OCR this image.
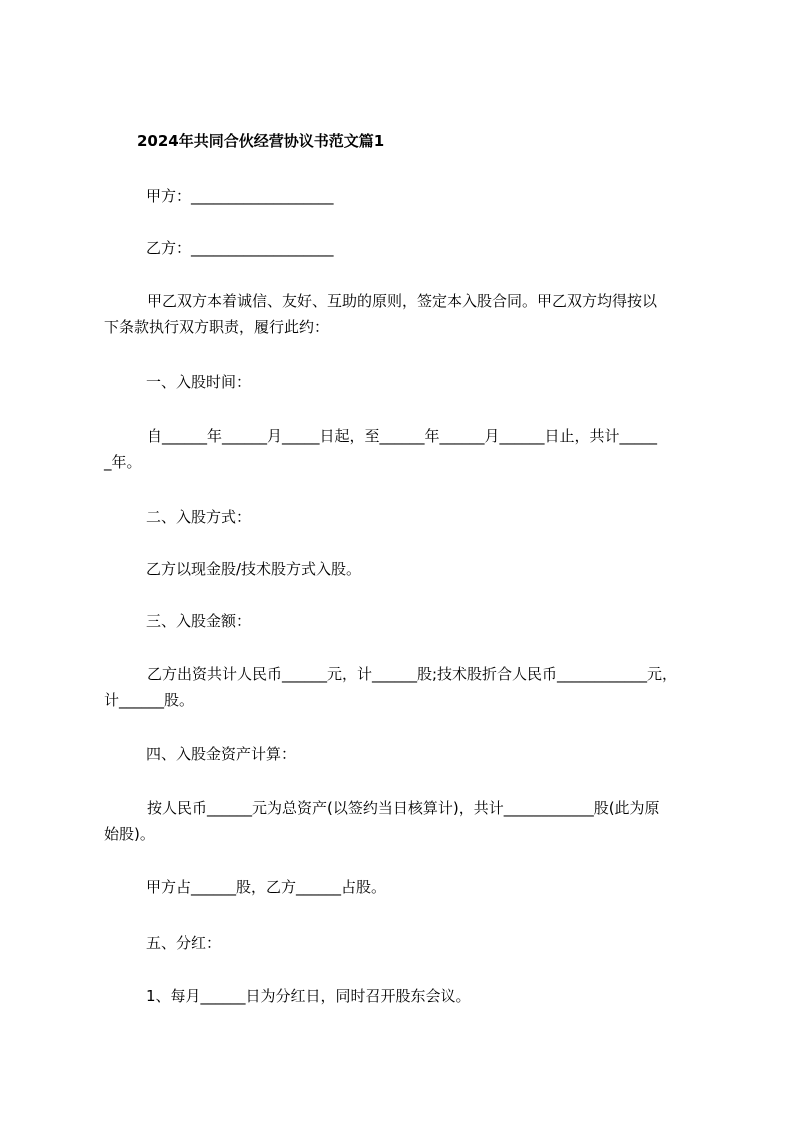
2024年共同合伙经营协议书范文篇1
甲方：___________________
乙方：___________________
甲乙双方本着诚信、友好、互助的原则，签定本入股合同。甲乙双方均得按以
下条款执行双方职责，履行此约：
一、入股时间：
自______年______月_____日起，至______年______月______日止，共计_____
_年。
二、入股方式：
乙方以现金股/技术股方式入股。
三、入股金额：
乙方出资共计人民币______元，计______股;技术股折合人民币____________元，
计______股。
四、入股金资产计算：
按人民币______元为总资产(以签约当日核算计)，共计____________股(此为原
始股)。
甲方占______股，乙方______占股。
五、分红：
1、每月______日为分红日，同时召开股东会议。
